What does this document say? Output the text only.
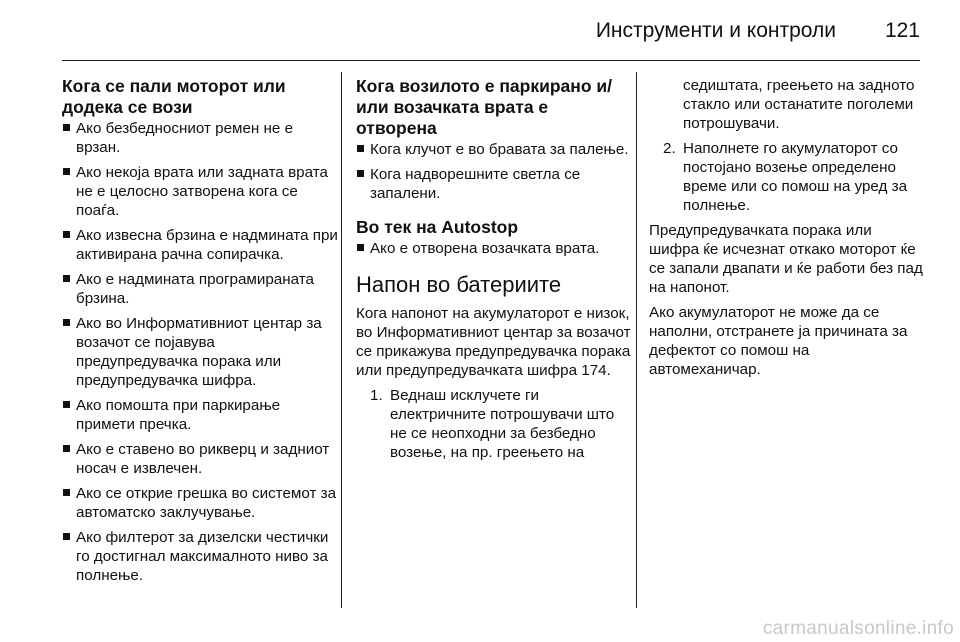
Инструменти и контроли 121
Кога се пали моторот или додека се вози
Ако безбедносниот ремен не е врзан.
Ако некоја врата или задната врата не е целосно затворена кога се поаѓа.
Ако извесна брзина е надмината при активирана рачна сопирачка.
Ако е надмината програмираната брзина.
Ако во Информативниот центар за возачот се појавува предупредувачка порака или предупредувачка шифра.
Ако помошта при паркирање примети пречка.
Ако е ставено во рикверц и задниот носач е извлечен.
Ако се открие грешка во системот за автоматско заклучување.
Ако филтерот за дизелски честички го достигнал максималното ниво за полнење.
Кога возилото е паркирано и/или возачката врата е отворена
Кога клучот е во бравата за палење.
Кога надворешните светла се запалени.
Во тек на Autostop
Ако е отворена возачката врата.
Напон во батериите

Кога напонот на акумулаторот е низок, во Информативниот центар за возачот се прикажува предупредувачка порака или предупредувачката шифра 174.

1. Веднаш исклучете ги електричните потрошувачи што не се неопходни за безбедно возење, на пр. греењето на
седиштата, греењето на задното стакло или останатите поголеми потрошувачи.
2. Наполнете го акумулаторот со постојано возење определено време или со помош на уред за полнење.

Предупредувачката порака или шифра ќе исчезнат откако моторот ќе се запали двапати и ќе работи без пад на напонот.

Ако акумулаторот не може да се наполни, отстранете ја причината за дефектот со помош на автомеханичар.

carmanualsonline.info
